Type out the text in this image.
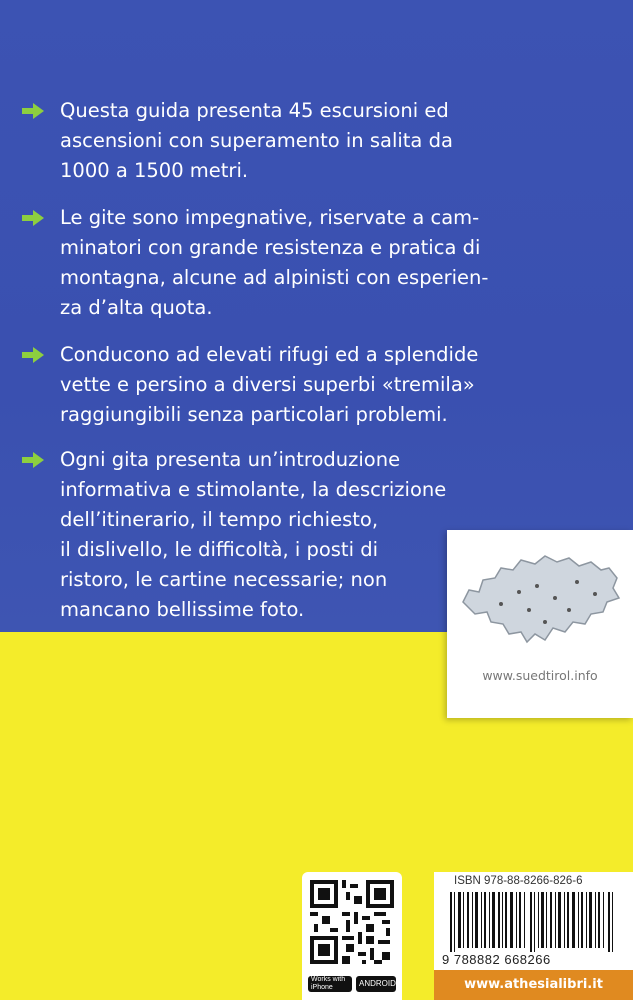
Questa guida presenta 45 escursioni ed
ascensioni con superamento in salita da
1000 a 1500 metri.
Le gite sono impegnative, riservate a cam-
minatori con grande resistenza e pratica di
montagna, alcune ad alpinisti con esperien-
za d’alta quota.
Conducono ad elevati rifugi ed a splendide
vette e persino a diversi superbi «tremila»
raggiungibili senza particolari problemi.
Ogni gita presenta un’introduzione
informativa e stimolante, la descrizione
dell’itinerario, il tempo richiesto,
il dislivello, le difficoltà, i posti di
ristoro, le cartine necessarie; non
mancano bellissime foto.
www.suedtirol.info
Works with
iPhone	ANDROID
ISBN 978-88-8266-826-6
9 788882 668266
www.athesialibri.it
